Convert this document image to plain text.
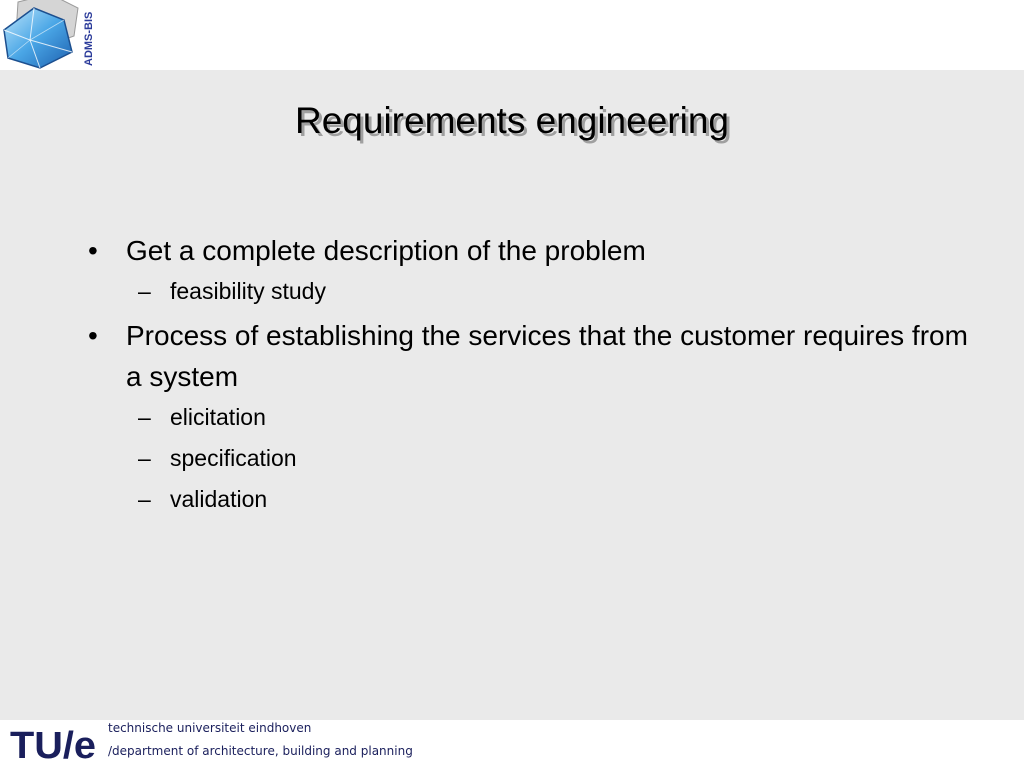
ADMS-BIS
Requirements engineering
• Get a complete description of the problem
– feasibility study
• Process of establishing the services that the customer requires from a system
– elicitation
– specification
– validation
TU/e technische universiteit eindhoven
/department of architecture, building and planning
